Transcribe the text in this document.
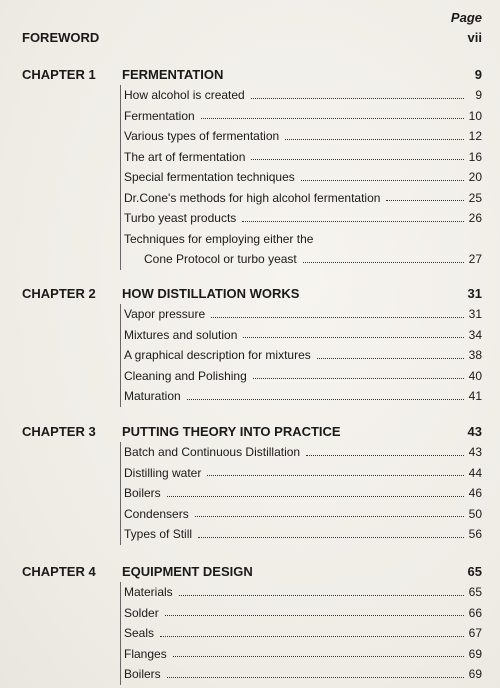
Page
FOREWORD	vii
CHAPTER 1 FERMENTATION	9
How alcohol is created	9
Fermentation	10
Various types of fermentation	12
The art of fermentation	16
Special fermentation techniques	20
Dr.Cone's methods for high alcohol fermentation	25
Turbo yeast products	26
Techniques for employing either the
Cone Protocol or turbo yeast	27
CHAPTER 2 HOW DISTILLATION WORKS	31
Vapor pressure	31
Mixtures and solution	34
A graphical description for mixtures	38
Cleaning and Polishing	40
Maturation	41
CHAPTER 3 PUTTING THEORY INTO PRACTICE	43
Batch and Continuous Distillation	43
Distilling water	44
Boilers	46
Condensers	50
Types of Still	56
CHAPTER 4 EQUIPMENT DESIGN	65
Materials	65
Solder	66
Seals	67
Flanges	69
Boilers	69
